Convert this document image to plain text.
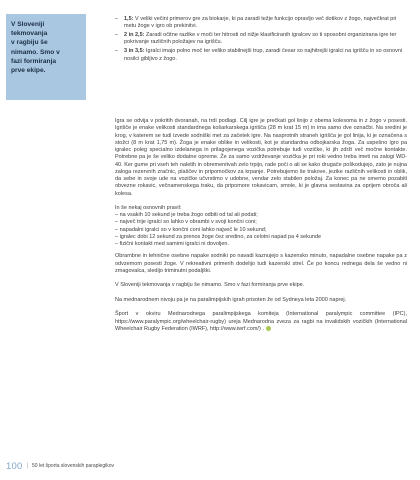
V Sloveniji

tekmovanja

v ragbiju še

nimamo. Smo v

fazi formiranja

prve ekipe.

– 1,5: V veliki večini primerov gre za biokarje, ki pa zaradi težje funkcijo opravljo več dotikov z žogo, največkrat pri metu žoge v igro ob prekinitvi.
– 2 in 2,5: Zaradi očitne razlike v moči ter hitrosti od nižje klasificiranih igralcev so ti sposobni organizirana igre ter pokrivanje različnih položajev na igrišču.
– 3 in 3,5: Igralci imajo polno moč ter veliko stabilnejši trup, zaradi česar so najhitrejši igralci na igrišču in so osnovni nosilci gibljivo z žogo.

Igra se odvija v pokritih dvoranah, na trdi podlagi. Cilj igre je prečkati gol linijo z obema kolesoma in z žogo v posesti. Igrišče je enake velikosti standardnega košarkarskega igrišča (28 m krat 15 m) in ima samo dve označbi. Na sredini je krog, v katerem se tudi izvede sodniški met za začetek igre. Na nasprotnih straneh igrišča je gol linija, ki je označena s stožci (8 m krat 1,75 m). Žoga je enake oblike in velikosti, kot je standardna odbojkarska žoga. Za uspešno igro pa igralec poleg specialno izdelanega in prilagojenega vozička potrebuje tudi vozičke, ki jih zdrži več močne kontakte. Potrebne pa je še veliko dodatne opreme. Že za samo vzdrževanje vozička je pri roki vedno treba imeti na zalogi WD-40. Ker gume pri vseh teh naletih in obremenitvah zelo trpijo, rade poči o ali se kako drugače poškodujejo, zato je nujna zaloga rezervnih zračnic, plaščev in pripomočkov za krpanje. Potrebujemo še trakove, jezike različnih velikosti in oblik, da sebe in svoje ude na vozičke učvrstimo v udobne, vendar zelo stabilen položaj. Za konec pa ne smemo pozabiti obvezne rokavic, večnamenskega traku, da pripomore rokavicam, smole, ki je glavna sestavina za oprijem obroča ali kolesa.

In še nekaj osnovnih pravil:

– na vsakih 10 sekund je treba žogo odbiti od tal ali podati;

– največ trije igralci so lahko v obrambi v svoji končni coni;

– napadalni igralci so v končni coni lahko največ le 10 sekund;

– igralec dobi 12 sekund za prenos žoge čez sredino, za celotni napad pa 4 sekunde

– fizični kontakt med samimi igralci ni dovoljen.

Obrambne in tehnične osebne napake sodniki po navadi kaznujejo s kazensko minuto, napadalne osebne napake pa z odvzemom posesti žoge. V rekreativni primerih dodelijo tudi kazenski strel. Če po koncu rednega dela še vedno ni zmagovalca, sledijo triminutni podaljški.

V Sloveniji tekmovanja v ragbiju še nimamo. Smo v fazi formiranja prve ekipe.

Na mednarodnem nivoju pa je na paralimpijskih igrah prisoten že od Sydneya leta 2000 naprej.

Šport v okviru Mednarodnega paralimpijskega komiteja (International paralympic committee (IPC), https://www.paralympic.org/wheelchair-rugby) ureja Mednarodna zveza za ragbi na invalidskih vozičkih (International Wheelchair Rugby Federation (IWRF), http://www.iwrf.com/) .

100 | 50 let športa slovenskih paraplegikov
